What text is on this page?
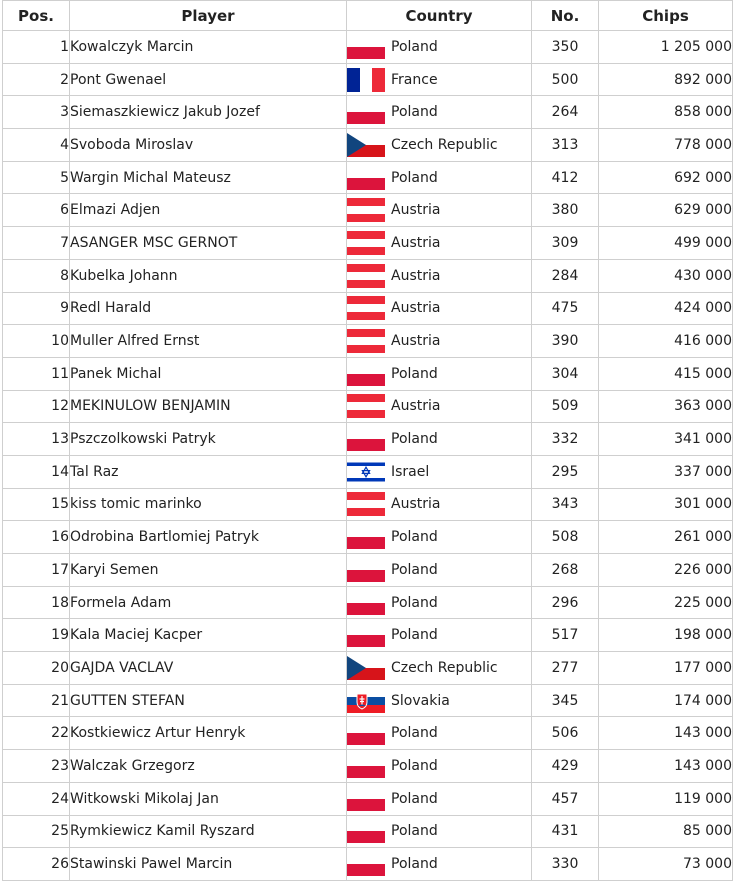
Pos.	Player	Country	No.	Chips
1	Kowalczyk Marcin	Poland	350	1 205 000
2	Pont Gwenael	France	500	892 000
3	Siemaszkiewicz Jakub Jozef	Poland	264	858 000
4	Svoboda Miroslav	Czech Republic	313	778 000
5	Wargin Michal Mateusz	Poland	412	692 000
6	Elmazi Adjen	Austria	380	629 000
7	ASANGER MSC GERNOT	Austria	309	499 000
8	Kubelka Johann	Austria	284	430 000
9	Redl Harald	Austria	475	424 000
10	Muller Alfred Ernst	Austria	390	416 000
11	Panek Michal	Poland	304	415 000
12	MEKINULOW BENJAMIN	Austria	509	363 000
13	Pszczolkowski Patryk	Poland	332	341 000
14	Tal Raz	Israel	295	337 000
15	kiss tomic marinko	Austria	343	301 000
16	Odrobina Bartlomiej Patryk	Poland	508	261 000
17	Karyi Semen	Poland	268	226 000
18	Formela Adam	Poland	296	225 000
19	Kala Maciej Kacper	Poland	517	198 000
20	GAJDA VACLAV	Czech Republic	277	177 000
21	GUTTEN STEFAN	Slovakia	345	174 000
22	Kostkiewicz Artur Henryk	Poland	506	143 000
23	Walczak Grzegorz	Poland	429	143 000
24	Witkowski Mikolaj Jan	Poland	457	119 000
25	Rymkiewicz Kamil Ryszard	Poland	431	85 000
26	Stawinski Pawel Marcin	Poland	330	73 000
